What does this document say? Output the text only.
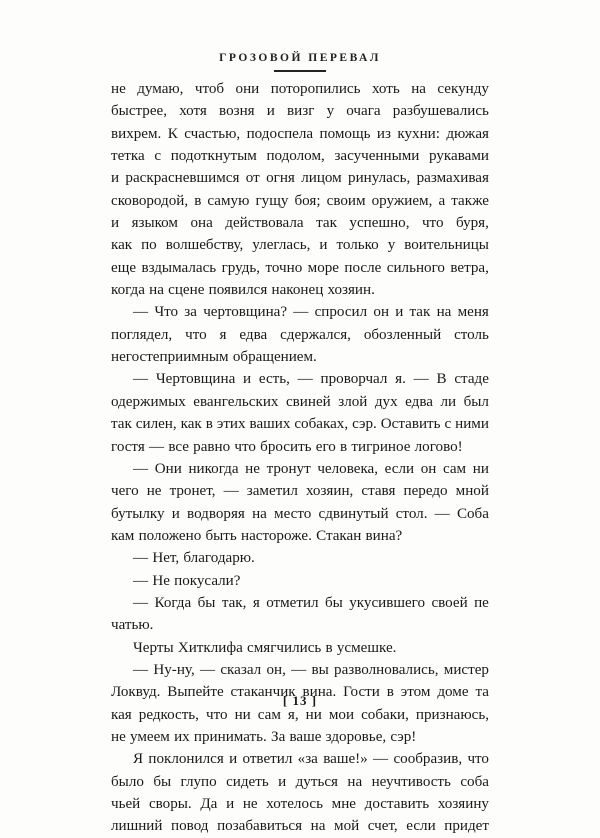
ГРОЗОВОЙ ПЕРЕВАЛ
не думаю, чтоб они поторопились хоть на секунду
быстрее, хотя возня и визг у очага разбушевались
вихрем. К счастью, подоспела помощь из кухни: дюжая
тетка с подоткнутым подолом, засученными рукавами
и раскрасневшимся от огня лицом ринулась, размахивая
сковородой, в самую гущу боя; своим оружием, а также
и языком она действовала так успешно, что буря,
как по волшебству, улеглась, и только у воительницы
еще вздымалась грудь, точно море после сильного ветра,
когда на сцене появился наконец хозяин.
— Что за чертовщина? — спросил он и так на меня
поглядел, что я едва сдержался, обозленный столь
негостеприимным обращением.
— Чертовщина и есть, — проворчал я. — В стаде
одержимых евангельских свиней злой дух едва ли был
так силен, как в этих ваших собаках, сэр. Оставить с ними
гостя — все равно что бросить его в тигриное логово!
— Они никогда не тронут человека, если он сам ни
чего не тронет, — заметил хозяин, ставя передо мной
бутылку и водворяя на место сдвинутый стол. — Соба
кам положено быть настороже. Стакан вина?
— Нет, благодарю.
— Не покусали?
— Когда бы так, я отметил бы укусившего своей пе
чатью.
Черты Хитклифа смягчились в усмешке.
— Ну-ну, — сказал он, — вы разволновались, мистер
Локвуд. Выпейте стаканчик вина. Гости в этом доме та
кая редкость, что ни сам я, ни мои собаки, признаюсь,
не умеем их принимать. За ваше здоровье, сэр!
Я поклонился и ответил «за ваше!» — сообразив, что
было бы глупо сидеть и дуться на неучтивость соба
чьей своры. Да и не хотелось мне доставить хозяину
лишний повод позабавиться на мой счет, если придет
[ 13 ]
